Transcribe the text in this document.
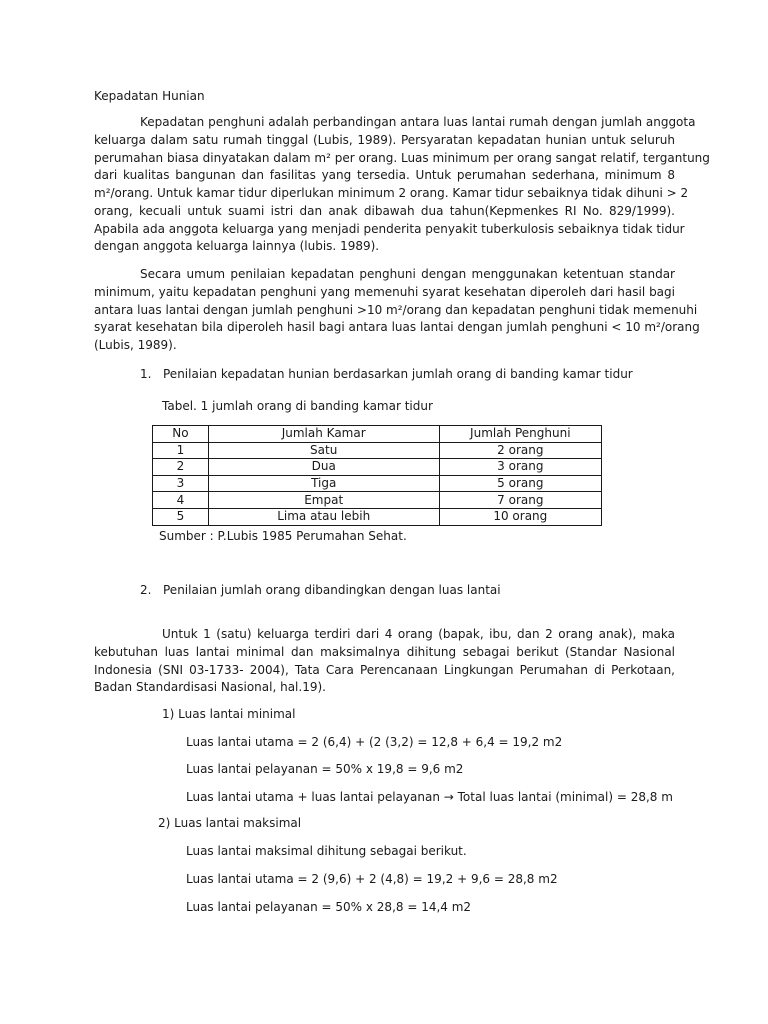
Kepadatan Hunian

Kepadatan penghuni adalah perbandingan antara luas lantai rumah dengan jumlah anggota
keluarga dalam satu rumah tinggal (Lubis, 1989). Persyaratan kepadatan hunian untuk seluruh
perumahan biasa dinyatakan dalam m² per orang. Luas minimum per orang sangat relatif, tergantung
dari kualitas bangunan dan fasilitas yang tersedia. Untuk perumahan sederhana, minimum 8
m²/orang. Untuk kamar tidur diperlukan minimum 2 orang. Kamar tidur sebaiknya tidak dihuni > 2
orang, kecuali untuk suami istri dan anak dibawah dua tahun(Kepmenkes RI No. 829/1999).
Apabila ada anggota keluarga yang menjadi penderita penyakit tuberkulosis sebaiknya tidak tidur
dengan anggota keluarga lainnya (lubis. 1989).
Secara umum penilaian kepadatan penghuni dengan menggunakan ketentuan standar
minimum, yaitu kepadatan penghuni yang memenuhi syarat kesehatan diperoleh dari hasil bagi
antara luas lantai dengan jumlah penghuni >10 m²/orang dan kepadatan penghuni tidak memenuhi
syarat kesehatan bila diperoleh hasil bagi antara luas lantai dengan jumlah penghuni < 10 m²/orang
(Lubis, 1989).

1. Penilaian kepadatan hunian berdasarkan jumlah orang di banding kamar tidur

Tabel. 1 jumlah orang di banding kamar tidur

No	Jumlah Kamar	Jumlah Penghuni
1	Satu	2 orang
2	Dua	3 orang
3	Tiga	5 orang
4	Empat	7 orang
5	Lima atau lebih	10 orang

Sumber : P.Lubis 1985 Perumahan Sehat.

2. Penilaian jumlah orang dibandingkan dengan luas lantai

Untuk 1 (satu) keluarga terdiri dari 4 orang (bapak, ibu, dan 2 orang anak), maka
kebutuhan luas lantai minimal dan maksimalnya dihitung sebagai berikut (Standar Nasional
Indonesia (SNI 03-1733- 2004), Tata Cara Perencanaan Lingkungan Perumahan di Perkotaan,
Badan Standardisasi Nasional, hal.19).

1) Luas lantai minimal

Luas lantai utama = 2 (6,4) + (2 (3,2) = 12,8 + 6,4 = 19,2 m2

Luas lantai pelayanan = 50% x 19,8 = 9,6 m2

Luas lantai utama + luas lantai pelayanan → Total luas lantai (minimal) = 28,8 m

2) Luas lantai maksimal

Luas lantai maksimal dihitung sebagai berikut.

Luas lantai utama = 2 (9,6) + 2 (4,8) = 19,2 + 9,6 = 28,8 m2

Luas lantai pelayanan = 50% x 28,8 = 14,4 m2
